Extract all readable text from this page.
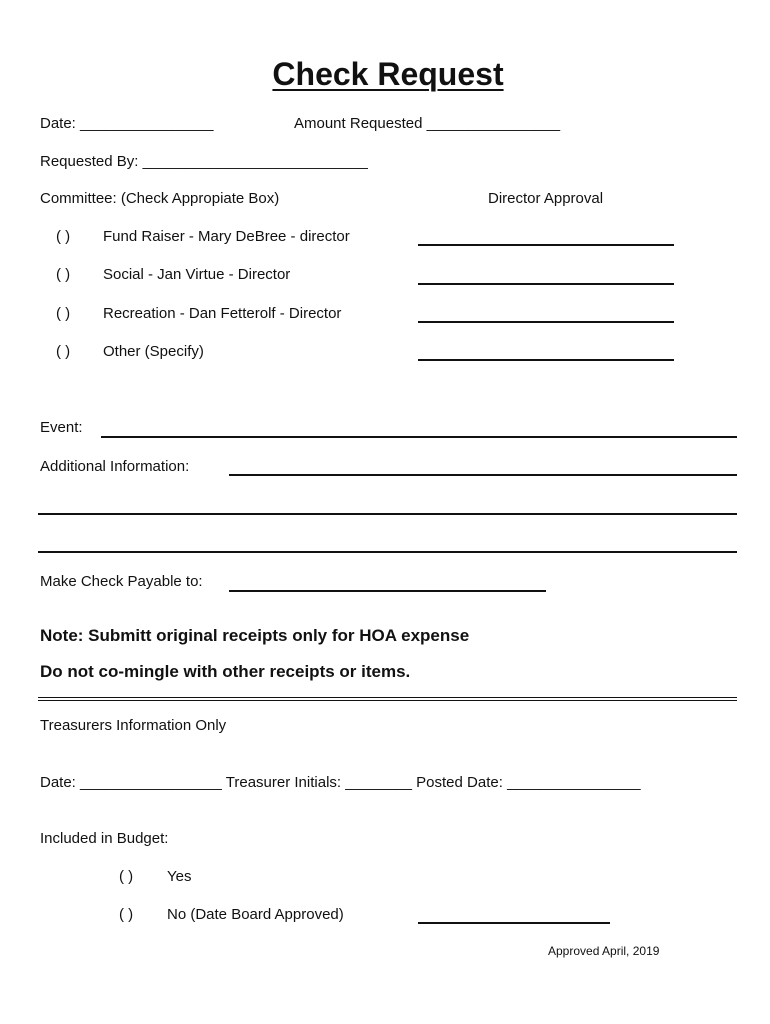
Check Request
Date: ________________	Amount Requested ________________
Requested By: ___________________________
Committee: (Check Appropiate Box)	Director Approval
( ) Fund Raiser - Mary DeBree - director
( ) Social - Jan Virtue - Director
( ) Recreation - Dan Fetterolf - Director
( ) Other (Specify)
Event:
Additional Information:
Make Check Payable to:
Note: Submitt original receipts only for HOA expense
Do not co-mingle with other receipts or items.
Treasurers Information Only
Date: _________________ Treasurer Initials: ________ Posted Date: ________________
Included in Budget:
( ) Yes
( ) No (Date Board Approved)
Approved April, 2019
